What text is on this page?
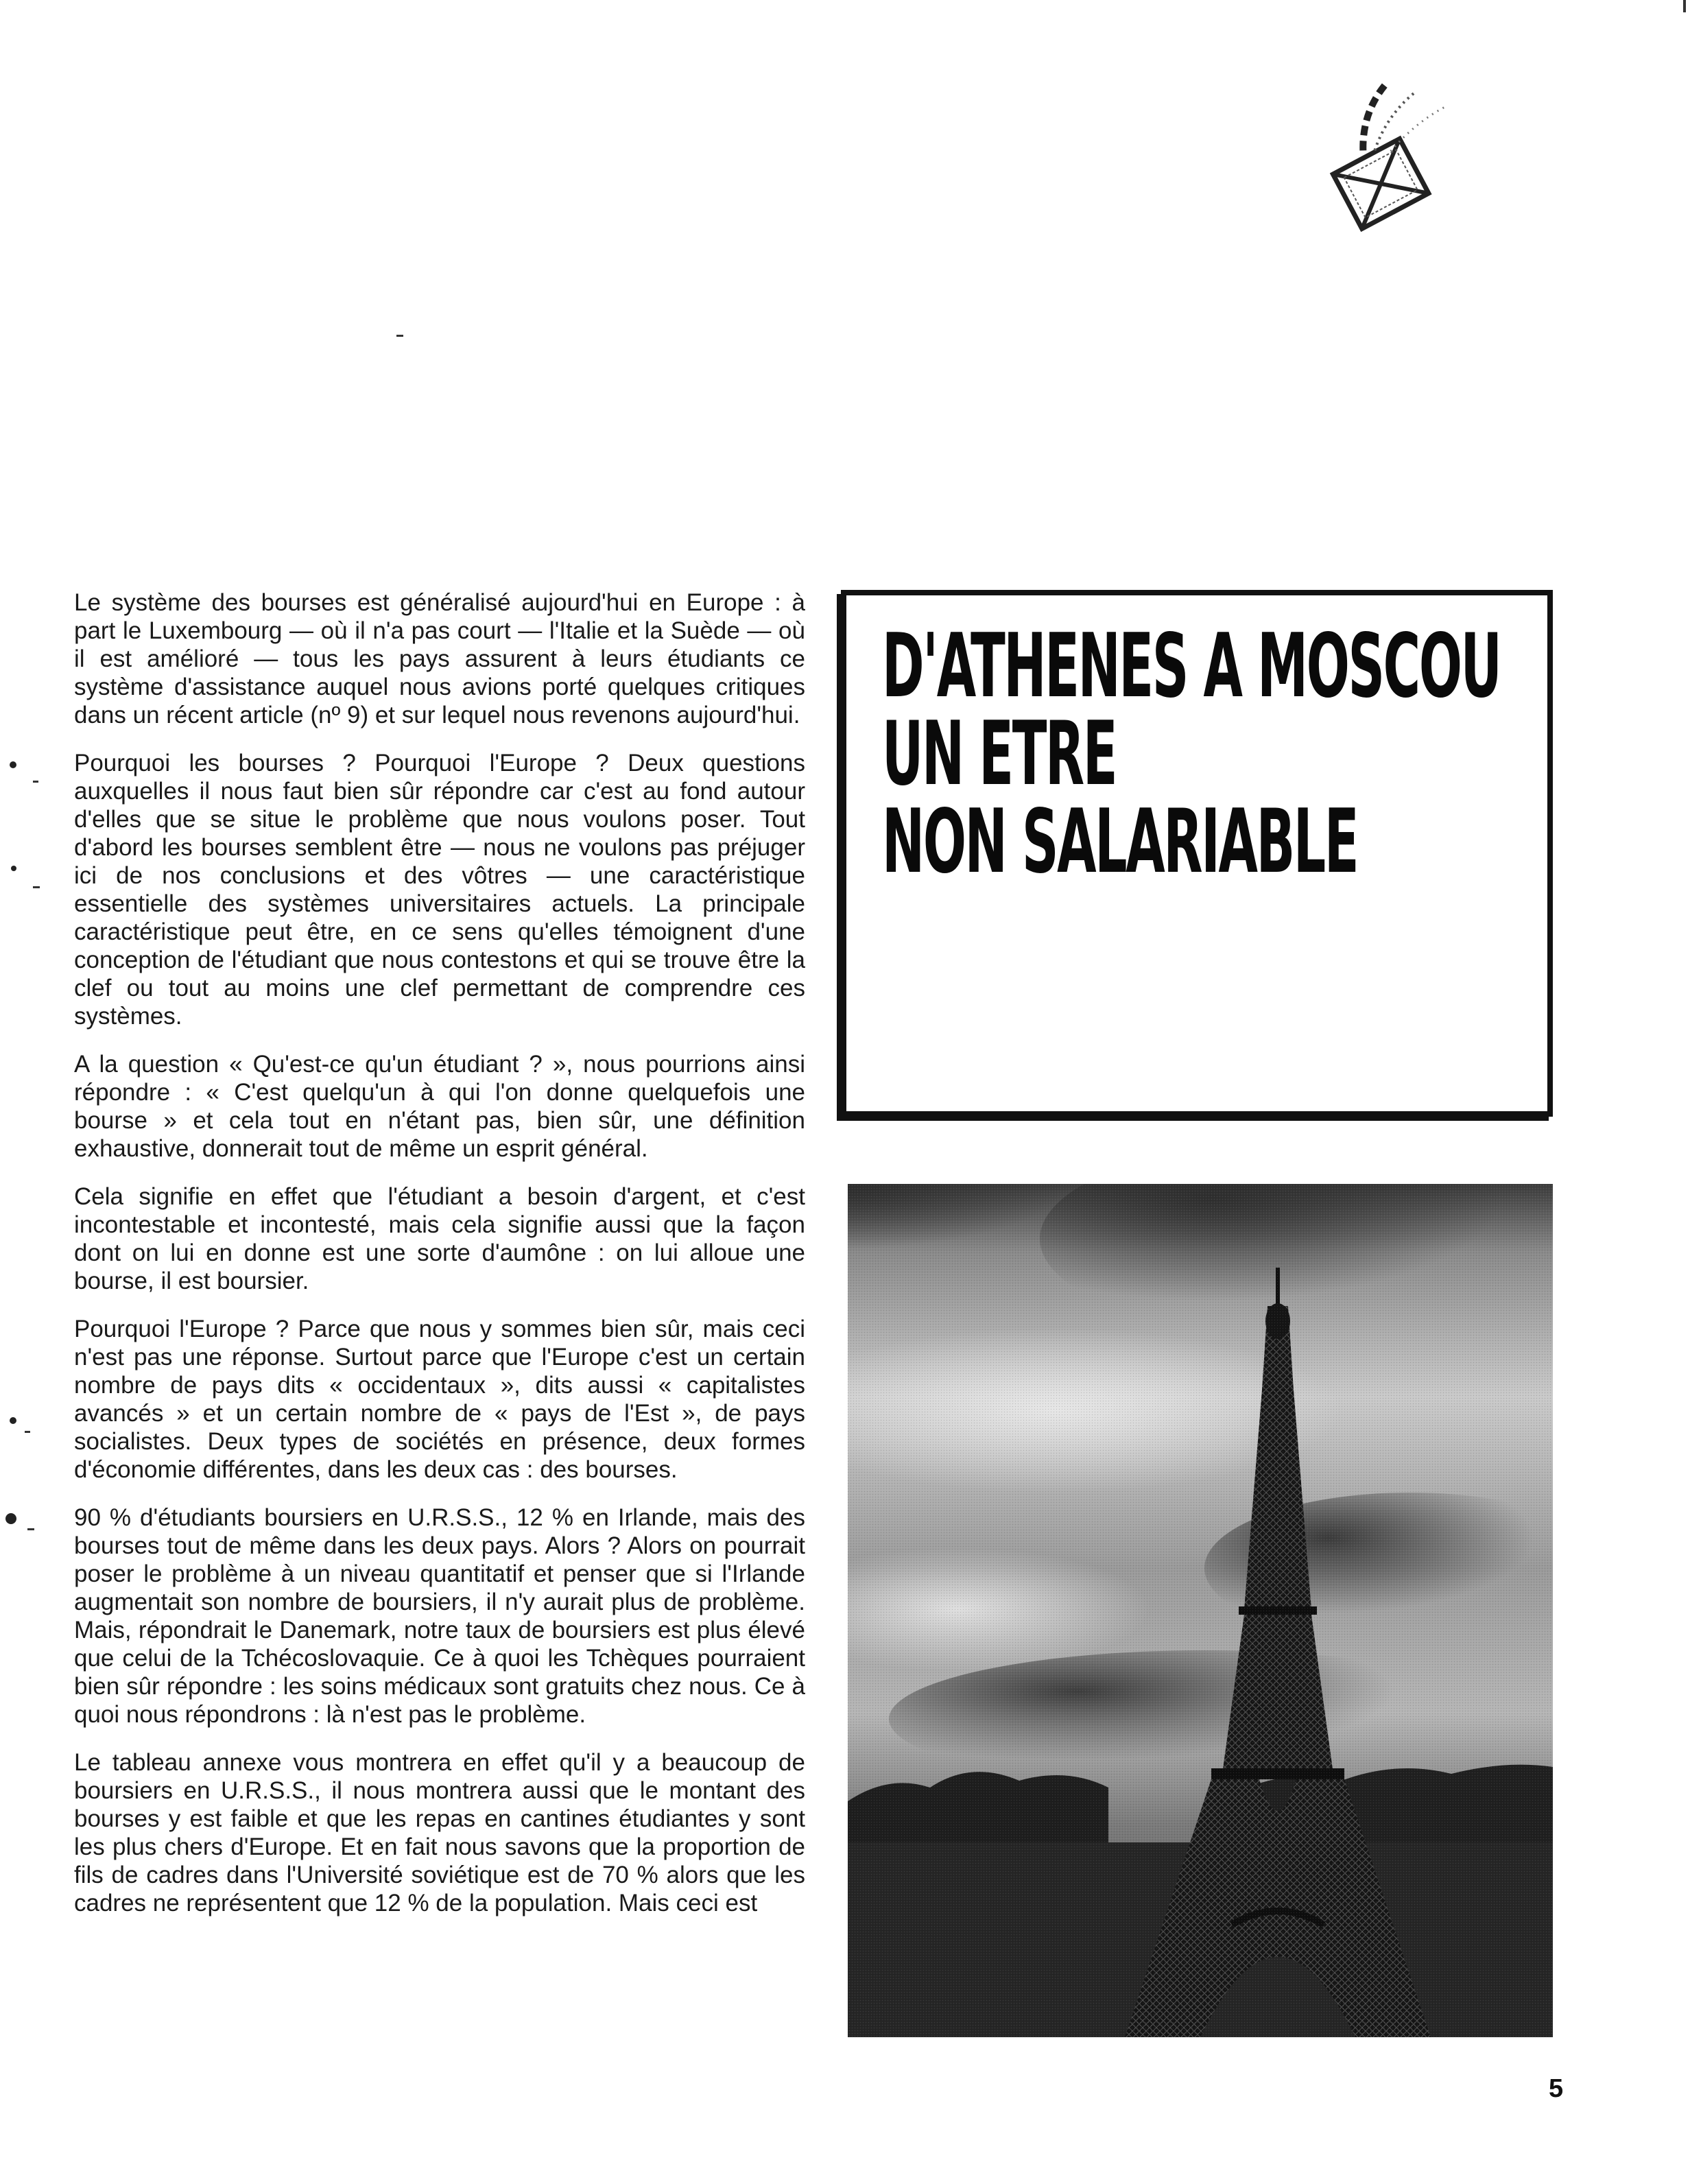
Le système des bourses est généralisé aujourd'hui en Europe : à part le Luxembourg — où il n'a pas court — l'Italie et la Suède — où il est amélioré — tous les pays assurent à leurs étudiants ce système d'assistance auquel nous avions porté quelques critiques dans un récent article (nº 9) et sur lequel nous revenons aujourd'hui.

Pourquoi les bourses ? Pourquoi l'Europe ? Deux questions auxquelles il nous faut bien sûr répondre car c'est au fond autour d'elles que se situe le problème que nous voulons poser. Tout d'abord les bourses semblent être — nous ne voulons pas préjuger ici de nos conclusions et des vôtres — une caractéristique essentielle des systèmes universitaires actuels. La principale caractéristique peut être, en ce sens qu'elles témoignent d'une conception de l'étudiant que nous contestons et qui se trouve être la clef ou tout au moins une clef permettant de comprendre ces systèmes.

A la question « Qu'est-ce qu'un étudiant ? », nous pourrions ainsi répondre : « C'est quelqu'un à qui l'on donne quelquefois une bourse » et cela tout en n'étant pas, bien sûr, une définition exhaustive, donnerait tout de même un esprit général.

Cela signifie en effet que l'étudiant a besoin d'argent, et c'est incontestable et incontesté, mais cela signifie aussi que la façon dont on lui en donne est une sorte d'aumône : on lui alloue une bourse, il est boursier.

Pourquoi l'Europe ? Parce que nous y sommes bien sûr, mais ceci n'est pas une réponse. Surtout parce que l'Europe c'est un certain nombre de pays dits « occidentaux », dits aussi « capitalistes avancés » et un certain nombre de « pays de l'Est », de pays socialistes. Deux types de sociétés en présence, deux formes d'économie différentes, dans les deux cas : des bourses.

90 % d'étudiants boursiers en U.R.S.S., 12 % en Irlande, mais des bourses tout de même dans les deux pays. Alors ? Alors on pourrait poser le problème à un niveau quantitatif et penser que si l'Irlande augmentait son nombre de boursiers, il n'y aurait plus de problème. Mais, répondrait le Danemark, notre taux de boursiers est plus élevé que celui de la Tchécoslovaquie. Ce à quoi les Tchèques pourraient bien sûr répondre : les soins médicaux sont gratuits chez nous. Ce à quoi nous répondrons : là n'est pas le problème.

Le tableau annexe vous montrera en effet qu'il y a beaucoup de boursiers en U.R.S.S., il nous montrera aussi que le montant des bourses y est faible et que les repas en cantines étudiantes y sont les plus chers d'Europe. Et en fait nous savons que la proportion de fils de cadres dans l'Université soviétique est de 70 % alors que les cadres ne représentent que 12 % de la population. Mais ceci est

D'ATHENES A MOSCOU
UN ETRE
NON SALARIABLE
5
